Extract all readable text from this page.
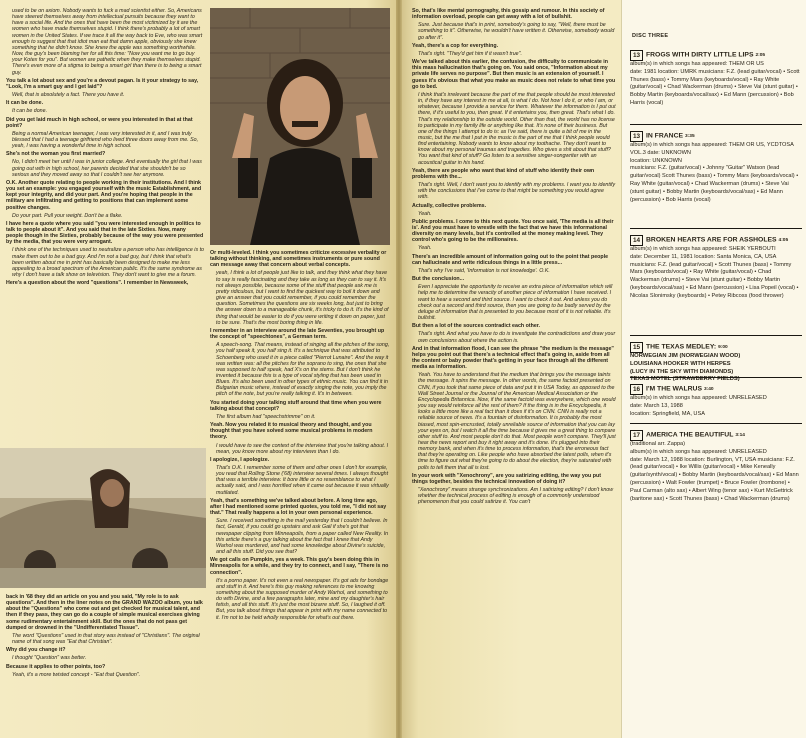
used to be on axiom. Nobody wants to fuck a mad scientist either. So, Americans have steered themselves away from intellectual pursuits because they want to have a social life. And the ones that have been the most victimized by it are the women who have made themselves stupid. I think there's probably a lot of smart women in the United States. If we trace it all the way back to Eve, who was smart enough to suggest that that idiot man eat that damn apple, obviously she knew something that he didn't know. She knew the apple was something worthwhile. Now, the guy's been blaming her for all this time: "Now you want me to go buy your Kotex for you". But women are pathetic when they make themselves stupid. There's even more of a stigma to being a smart girl than there is to being a smart guy.

You talk a lot about sex and you're a devout pagan. Is it your strategy to say, "Look, I'm a smart guy and I get laid"?

Well, that is absolutely a fact. There you have it.

It can be done.

It can be done.

Did you get laid much in high school, or were you interested in that at that point?

Being a normal American teenager, I was very interested in it, and I was truly blessed that I had a teenage girlfriend who lived three doors away from me. So, yeah, I was having a wonderful time in high school.

She's not the woman you first married?

No, I didn't meet her until I was in junior college. And eventually the girl that I was going out with in high school, her parents decided that she shouldn't be so serious and they moved away so that I couldn't see her anymore.

O.K. Another quote relating to people working in their institutions. And I think you set an example: you engaged yourself with the music Establishment, and kept your integrity, and did your part. And you're hoping that people in the military are infiltrating and getting to positions that can implement some positive changes.

Do your part. Pull your weight. Don't be a flake.

I have here a quote where you said "you were interested enough in politics to talk to people about it". And you said that in the late Sixties. Now, many people though in the Sixties, probably because of the way you were presented by the media, that you were very arrogant.

I think one of the techniques used to neutralize a person who has intelligence is to make them out to be a bad guy. And I'm not a bad guy, but I think that what's been written about me in print has basically been designed to make me less appealing to a broad spectrum of the American public. It's the same syndrome as why I don't have a talk show on television. They don't want to give me a forum.

Here's a question about the word "questions". I remember in Newsweek,

back in '68 they did an article on you and you said, "My role is to ask questions". And then in the liner notes on the GRAND WAZOO album, you talk about the "Questions" who come out and get checked for musical talent, and then if they pass, they can go do a couple of simple musical exercises giving some rudimentary entertainment skill. But the ones that do not pass get dumped or drowned in the "Undifferentiated Tissue".

The word "Questions" used in that story was instead of "Christians". The original name of that song was "Eat that Christian".

Why did you change it?

I thought "Question" was better.

Because it applies to other points, too?

Yeah, it's a more twisted concept - "Eat that Question".

Or multi-leveled. I think you sometimes criticize excessive verbality or talking without thinking, and sometimes instruments or pure sound can message away that concern about verbal concepts.

yeah, I think a lot of people just like to talk, and they think what they have to say is really fascinating and they take as long as they can to say it. It's not always possible, because some of the stuff that people ask me is pretty ridiculous, but I want to find the quickest way to boil it down and give an answer that you could remember, if you could remember the question. Sometimes the questions are six weeks long, but just to bring the answer down to a manageable chunk, it's tricky to do it. It's the kind of thing that would be easier to do if you were writing it down on paper, just to be sure. That's the most boring thing in life.

I remember in an interview around the late Seventies, you brought up the concept of "speechtones", a German term.

A speech-song. That means, instead of singing all the pitches of the song, you half speak it, you half sing it. It's a technique that was attributed to Schoenberg who used it in a piece called "Pierrot Lunaire". And the way it was written was: all the pitches for the soprano to sing, the ones that she was supposed to half speak, had X's on the stems. But I don't think he invented it because this is a type of vocal styling that has been used in Blues. It's also been used in other types of ethnic music. You can find it in Bulgarian music where, instead of exactly singing the note, you imply the pitch of the note, but you're really talking it. It's in between.

You started doing your talking stuff around that time when you were talking about that concept?

The first album had "speechstrimme" on it.

Yeah. Now you related it to musical theory and thought, and you thought that you have solved some musical problems in modern theory.

I would have to see the context of the interview that you're talking about. I mean, you know more about my interviews than I do.

I apologize, I apologize.

That's O.K. I remember some of them and other ones I don't for example, you read that Rolling Stone ('68) interview several times. I always thought that was a terrible interview. It bore little or no resemblance to what I actually said, and I was horrified when it came out because it was virtually mutilated.

Yeah, that's something we've talked about before. A long time ago, after I had mentioned some printed quotes, you told me, "I did not say that." That really happens a lot in your own personal experience.

Sure. I received something in the mail yesterday that I couldn't believe. In fact, Gerald, if you could go upstairs and ask Gail if she's got that newspaper clipping from Minneapolis, from a paper called New Reality. In this article there's a guy talking about the fact that I knew that Andy Warhol was murdered, and had some knowledge about Divine's suicide, and all this stuff. Did you see that?

We got calls on Pumpkin, yes a week. This guy's been doing this in Minneapolis for a while, and they try to connect, and I say, "There is no connection".

It's a porno paper. It's not even a real newspaper. It's got ads for bondage and stuff in it. And here's this guy making references to me knowing something about the supposed murder of Andy Warhol, and something to do with Divine, and a few paragraphs later, mine and my daughter's hair fetish, and all this stuff. It's just the most bizarre stuff. So, I laughed it off. But, you talk about things that appear in print with my name connected to it. I'm not to be held wholly responsible for what's out there.

So, that's like mental pornography, this gossip and rumour. In this society of information overload, people can get away with a lot of bullshit.

Sure. Just because that's in print, somebody's going to say, "Well, there must be something to it". Otherwise, he wouldn't have written it. Otherwise, somebody would go after it".

Yeah, there's a cop for everything.

That's right. "They'd get him if it wasn't true".

We've talked about this earlier, the confusion, the difficulty to communicate in this mass hallucination that's going on. You said once, "Information about my private life serves no purpose". But then music is an extension of yourself. I guess it's obvious that what you make as music does not relate to what time you go to bed.

I think that's irrelevant because the part of me that people should be most interested in, if they have any interest in me at all, is what I do. Not how I do it, or who I am, or whatever, because I provide a service for them. Whatever the information is I put out there, if it's useful to you, then great. If it entertains you, then great. That's what I do. That's my relationship to the outside world. Other than that, the world has no license to participate in my family life or anything like that. It's none of their business. But one of the things I attempt to do is: as I've said, there is quite a bit of me in the music, but the me that I put in the music is the part of me that I think people would find entertaining. Nobody wants to know about my toothache. They don't want to know about my personal traumas and tragedies. Who gives a shit about that stuff? You want that kind of stuff? Go listen to a sensitive singer-songwriter with an acoustical guitar in his hand.

Yeah, there are people who want that kind of stuff who identify their own problems with the...

That's right. Well, I don't want you to identify with my problems. I want you to identify with the conclusions that I've come to that might be something you would agree with.

Actually, collective problems.

Yeah.

Public problems. I come to this next quote. You once said, 'The media is all their is'. And you must have to wrestle with the fact that we have this informational diversity on many levels, but it's controlled at the money making level. They control who's going to be the millionaires.

Yeah.

There's an incredible amount of information going out to the point that people can hallucinate and write ridiculous things in a little press...

That's why I've said, 'Information is not knowledge'. O.K.

But the conclusion...

Even I appreciate the opportunity to receive an extra piece of information which will help me to determine the veracity of another piece of information I have received. I want to hear a second and third source. I want to check it out. And unless you do check out a second and third source, then you are going to be badly served by the deluge of information that is presented to you because most of it is not reliable. It's bullshit.

But then a lot of the sources contradict each other.

That's right. And what you have to do is investigate the contradictions and draw your own conclusions about where the action is.

And in that information flood, I can see the phrase "the medium is the message" helps you point out that there's a technical effect that's going in, aside from all the content or baby powder that's getting in your face through all the different media as information.

Yeah. You have to understand that the medium that brings you the message taints the message. It spins the message. In other words, the same factoid presented on CNN, if you took that same piece of data and put it in USA Today, as opposed to the Wall Street Journal or the Journal of the American Medical Association or the Encyclopedia Britannica. Now, if the same factoid was everywhere, which one would you say would reinforce all the rest of them? If the thing is in the Encyclopedia, it looks a little more like a real fact than it does if it's on CNN. CNN is really not a reliable source of news. It's a fountain of disinformation. It is probably the most biased, most spin-encrusted, totally unreliable source of information that you can lay your eyes on, but I watch it all the time because it gives me a great thing to compare other stuff to. And most people don't do that. Most people won't compare. They'll just hear the news report and buy it right away and it's done. It's plugged into their memory bank, and when it's time to process information, that's the erroneous fact that they're operating on. Like people who have absorbed the latest polls, when it's time to figure out what they're going to do about the election, they're saturated with polls to tell them that all is lost.

In your work with "Xenochrony", are you satirizing editing, the way you put things together, besides the technical innovation of doing it?

"Xenochrony" means strange synchronizations. Am I satirizing editing? I don't know whether the technical process of editing is enough of a commonly understood phenomenon that you could satirize it. You can't

DISC THREE
13 FROGS WITH DIRTY LITTLE LIPS 2:05
album(s) in which songs has appeared: THEM OR US
date: 1981 location: UMRK musicians: F.Z. (lead guitar/vocal) • Scott Thunes (bass) • Tommy Mars (keyboards/vocal) • Ray White (guitar/vocal) • Chad Wackerman (drums) • Steve Vai (stunt guitar) • Bobby Martin (keyboards/vocal/sax) • Ed Mann (percussion) • Bob Harris (vocal)
13 IN FRANCE 3:35
album(s) in which songs has appeared: THEM OR US, YCDTOSA VOL.3 date: UNKNOWN
location: UNKNOWN
musicians: F.Z. (guitar/vocal) • Johnny "Guitar" Watson (lead guitar/vocal) Scott Thunes (bass) • Tommy Mars (keyboards/vocal) • Ray White (guitar/vocal) • Chad Wackerman (drums) • Steve Vai (stunt guitar) • Bobby Martin (keyboards/vocal/sax) • Ed Mann (percussion) • Bob Harris (vocal)
14 BROKEN HEARTS ARE FOR ASSHOLES 4:05
album(s) in which songs has appeared: SHEIK YERBOUTI
date: December 11, 1981 location: Santa Monica, CA, USA musicians: F.Z. (lead guitar/vocal) • Scott Thunes (bass) • Tommy Mars (keyboards/vocal) • Ray White (guitar/vocal) • Chad Wackerman (drums) • Steve Vai (stunt guitar) • Bobby Martin (keyboards/vocal/sax) • Ed Mann (percussion) • Lisa Popeil (vocal) • Nicolas Slonimsky (keyboards) • Petey Ribcoss (food thrower)
15 THE TEXAS MEDLEY: 9:00
NORWEGIAN JIM (NORWEGIAN WOOD)
LOUISIANA HOOKER WITH HERPES
(LUCY IN THE SKY WITH DIAMONDS)
TEXAS MOTEL (STRAWBERRY FIELDS)
16 I'M THE WALRUS 3:40
album(s) in which songs has appeared: UNRELEASED
date: March 13, 1988
location: Springfield, MA, USA
17 AMERICA THE BEAUTIFUL 3:14
(traditional arr. Zappa)
album(s) in which songs has appeared: UNRELEASED
date: March 12, 1988 location: Burlington, VT, USA musicians: F.Z. (lead guitar/vocal) • Ike Willis (guitar/vocal) • Mike Keneally (guitar/synth/vocal) • Bobby Martin (keyboards/vocal/sax) • Ed Mann (percussion) • Walt Fowler (trumpet) • Bruce Fowler (trombone) • Paul Carman (alto sax) • Albert Wing (tenor sax) • Kurt McGettrick (baritone sax) • Scott Thunes (bass) • Chad Wackerman (drums)
